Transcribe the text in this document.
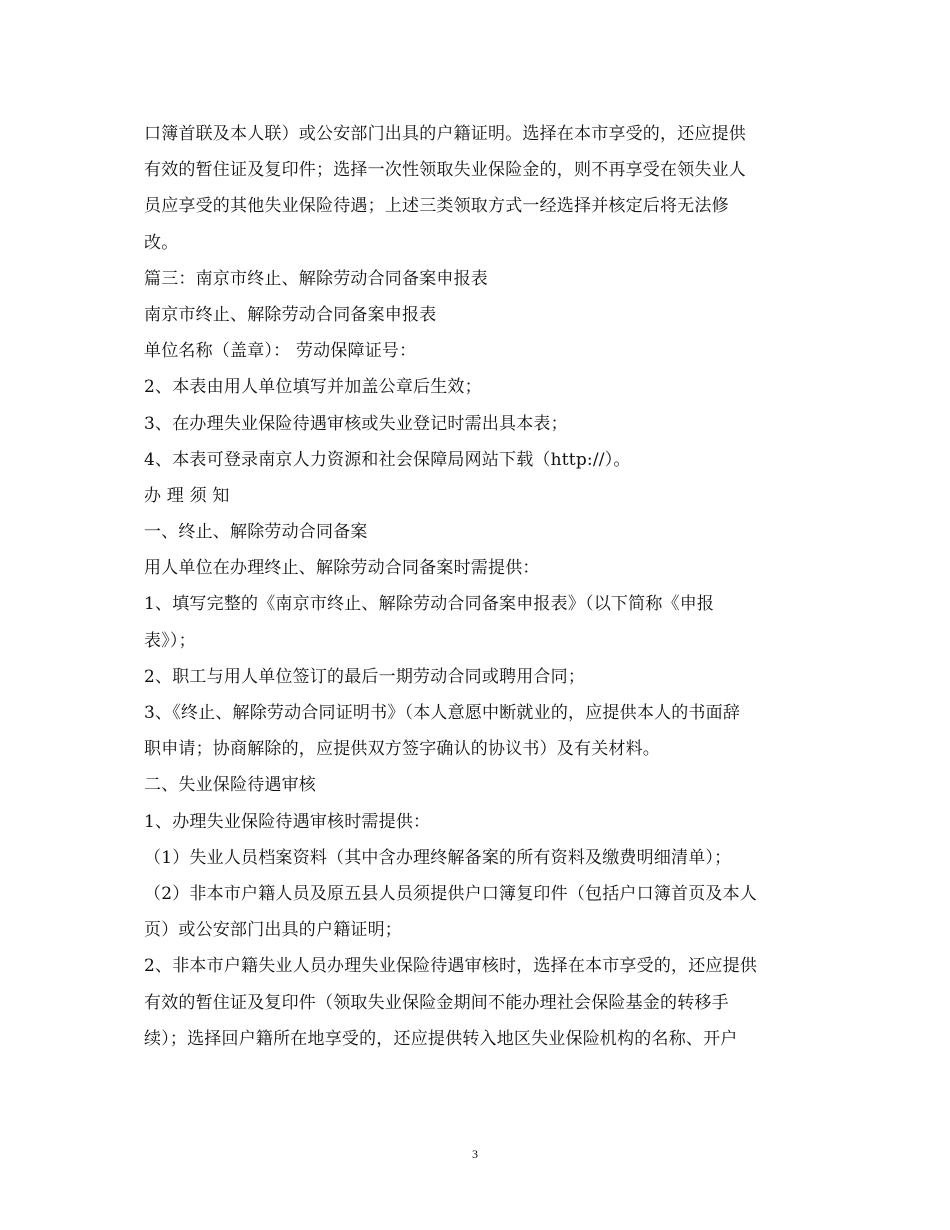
口簿首联及本人联）或公安部门出具的户籍证明。选择在本市享受的，还应提供
有效的暂住证及复印件；选择一次性领取失业保险金的，则不再享受在领失业人
员应享受的其他失业保险待遇；上述三类领取方式一经选择并核定后将无法修
改。
篇三：南京市终止、解除劳动合同备案申报表
南京市终止、解除劳动合同备案申报表
单位名称（盖章）： 劳动保障证号：
2、本表由用人单位填写并加盖公章后生效；
3、在办理失业保险待遇审核或失业登记时需出具本表；
4、本表可登录南京人力资源和社会保障局网站下载（http://）。
办 理 须 知
一、终止、解除劳动合同备案
用人单位在办理终止、解除劳动合同备案时需提供：
1、填写完整的《南京市终止、解除劳动合同备案申报表》（以下简称《申报
表》）；
2、职工与用人单位签订的最后一期劳动合同或聘用合同；
3、《终止、解除劳动合同证明书》（本人意愿中断就业的，应提供本人的书面辞
职申请；协商解除的，应提供双方签字确认的协议书）及有关材料。
二、失业保险待遇审核
1、办理失业保险待遇审核时需提供：
（1）失业人员档案资料（其中含办理终解备案的所有资料及缴费明细清单）；
（2）非本市户籍人员及原五县人员须提供户口簿复印件（包括户口簿首页及本人
页）或公安部门出具的户籍证明；
2、非本市户籍失业人员办理失业保险待遇审核时，选择在本市享受的，还应提供
有效的暂住证及复印件（领取失业保险金期间不能办理社会保险基金的转移手
续）；选择回户籍所在地享受的，还应提供转入地区失业保险机构的名称、开户
3
